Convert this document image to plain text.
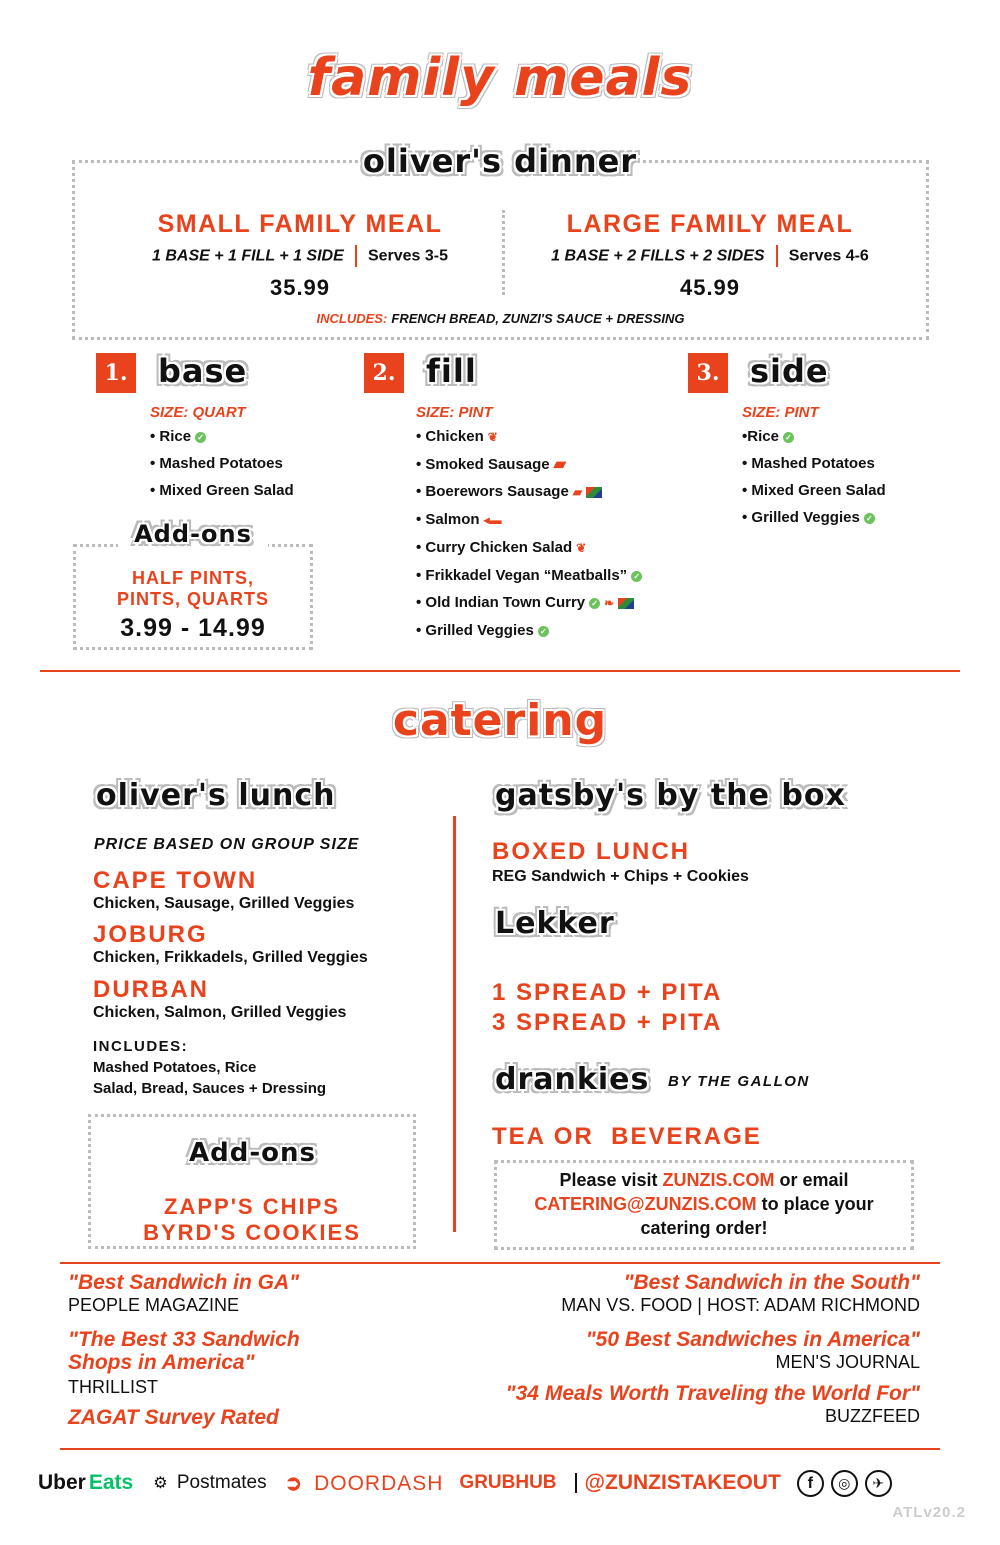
family meals
oliver's dinner
SMALL FAMILY MEAL
1 BASE + 1 FILL + 1 SIDE Serves 3-5
35.99
LARGE FAMILY MEAL
1 BASE + 2 FILLS + 2 SIDES Serves 4-6
45.99
INCLUDES: FRENCH BREAD, ZUNZI'S SAUCE + DRESSING
1. base
SIZE: QUART
• Rice ✓
• Mashed Potatoes
• Mixed Green Salad
2. fill
SIZE: PINT
• Chicken ❦
• Smoked Sausage ▰
• Boerewors Sausage ▰
• Salmon ◂▬
• Curry Chicken Salad ❦
• Frikkadel Vegan “Meatballs” ✓
• Old Indian Town Curry ✓ ❧
• Grilled Veggies ✓
3. side
SIZE: PINT
•Rice ✓
• Mashed Potatoes
• Mixed Green Salad
• Grilled Veggies ✓
Add-ons
HALF PINTS,
PINTS, QUARTS
3.99 - 14.99
catering
oliver's lunch
PRICE BASED ON GROUP SIZE
CAPE TOWN
Chicken, Sausage, Grilled Veggies
JOBURG
Chicken, Frikkadels, Grilled Veggies
DURBAN
Chicken, Salmon, Grilled Veggies
INCLUDES:
Mashed Potatoes, Rice
Salad, Bread, Sauces + Dressing
Add-ons
ZAPP'S CHIPS
BYRD'S COOKIES
gatsby's by the box
BOXED LUNCH
REG Sandwich + Chips + Cookies
Lekker
1 SPREAD + PITA
3 SPREAD + PITA
drankies BY THE GALLON
TEA OR  BEVERAGE
Please visit ZUNZIS.COM or email
CATERING@ZUNZIS.COM to place your
catering order!
"Best Sandwich in GA"
PEOPLE MAGAZINE
"The Best 33 Sandwich
Shops in America"
THRILLIST
ZAGAT Survey Rated
"Best Sandwich in the South"
MAN VS. FOOD | HOST: ADAM RICHMOND
"50 Best Sandwiches in America"
MEN'S JOURNAL
"34 Meals Worth Traveling the World For"
BUZZFEED
Uber Eats ⚙ Postmates ➲ DOORDASH GRUBHUB @ZUNZISTAKEOUT	f	◎	✈
ATLv20.2
